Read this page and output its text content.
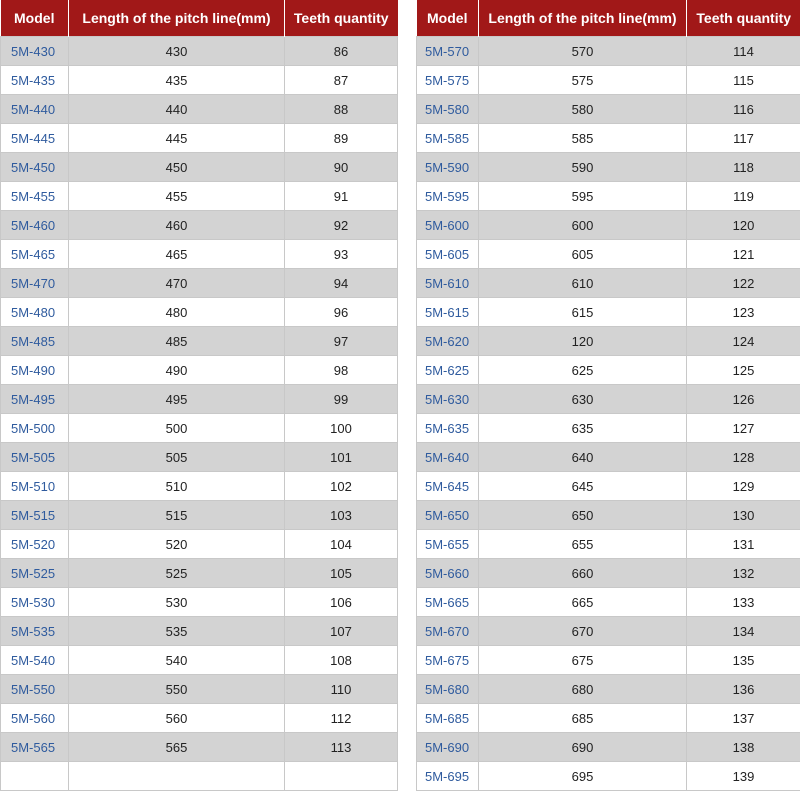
Model	Length of the pitch line(mm)	Teeth quantity
5M-430	430	86
5M-435	435	87
5M-440	440	88
5M-445	445	89
5M-450	450	90
5M-455	455	91
5M-460	460	92
5M-465	465	93
5M-470	470	94
5M-480	480	96
5M-485	485	97
5M-490	490	98
5M-495	495	99
5M-500	500	100
5M-505	505	101
5M-510	510	102
5M-515	515	103
5M-520	520	104
5M-525	525	105
5M-530	530	106
5M-535	535	107
5M-540	540	108
5M-550	550	110
5M-560	560	112
5M-565	565	113

Model	Length of the pitch line(mm)	Teeth quantity
5M-570	570	114
5M-575	575	115
5M-580	580	116
5M-585	585	117
5M-590	590	118
5M-595	595	119
5M-600	600	120
5M-605	605	121
5M-610	610	122
5M-615	615	123
5M-620	120	124
5M-625	625	125
5M-630	630	126
5M-635	635	127
5M-640	640	128
5M-645	645	129
5M-650	650	130
5M-655	655	131
5M-660	660	132
5M-665	665	133
5M-670	670	134
5M-675	675	135
5M-680	680	136
5M-685	685	137
5M-690	690	138
5M-695	695	139
